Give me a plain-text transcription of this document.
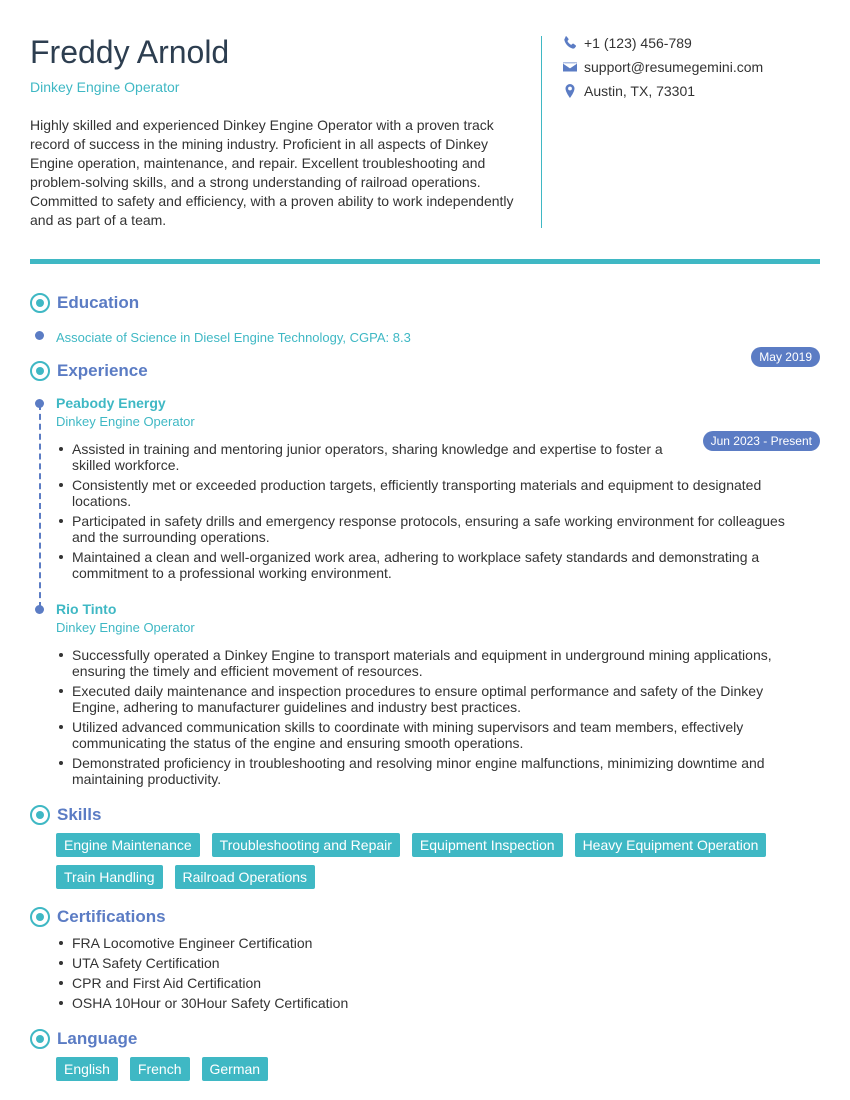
Freddy Arnold
Dinkey Engine Operator
Highly skilled and experienced Dinkey Engine Operator with a proven track record of success in the mining industry. Proficient in all aspects of Dinkey Engine operation, maintenance, and repair. Excellent troubleshooting and problem-solving skills, and a strong understanding of railroad operations. Committed to safety and efficiency, with a proven ability to work independently and as part of a team.
+1 (123) 456-789
support@resumegemini.com
Austin, TX, 73301
Education
Associate of Science in Diesel Engine Technology, CGPA: 8.3
May 2019
Experience
Peabody Energy
Dinkey Engine Operator
Jun 2023 - Present
Assisted in training and mentoring junior operators, sharing knowledge and expertise to foster a skilled workforce.
Consistently met or exceeded production targets, efficiently transporting materials and equipment to designated locations.
Participated in safety drills and emergency response protocols, ensuring a safe working environment for colleagues and the surrounding operations.
Maintained a clean and well-organized work area, adhering to workplace safety standards and demonstrating a commitment to a professional working environment.
Rio Tinto
Dinkey Engine Operator
Successfully operated a Dinkey Engine to transport materials and equipment in underground mining applications, ensuring the timely and efficient movement of resources.
Executed daily maintenance and inspection procedures to ensure optimal performance and safety of the Dinkey Engine, adhering to manufacturer guidelines and industry best practices.
Utilized advanced communication skills to coordinate with mining supervisors and team members, effectively communicating the status of the engine and ensuring smooth operations.
Demonstrated proficiency in troubleshooting and resolving minor engine malfunctions, minimizing downtime and maintaining productivity.
Skills
Engine Maintenance	Troubleshooting and Repair	Equipment Inspection	Heavy Equipment Operation
Train Handling	Railroad Operations
Certifications
FRA Locomotive Engineer Certification
UTA Safety Certification
CPR and First Aid Certification
OSHA 10Hour or 30Hour Safety Certification
Language
English	French	German
